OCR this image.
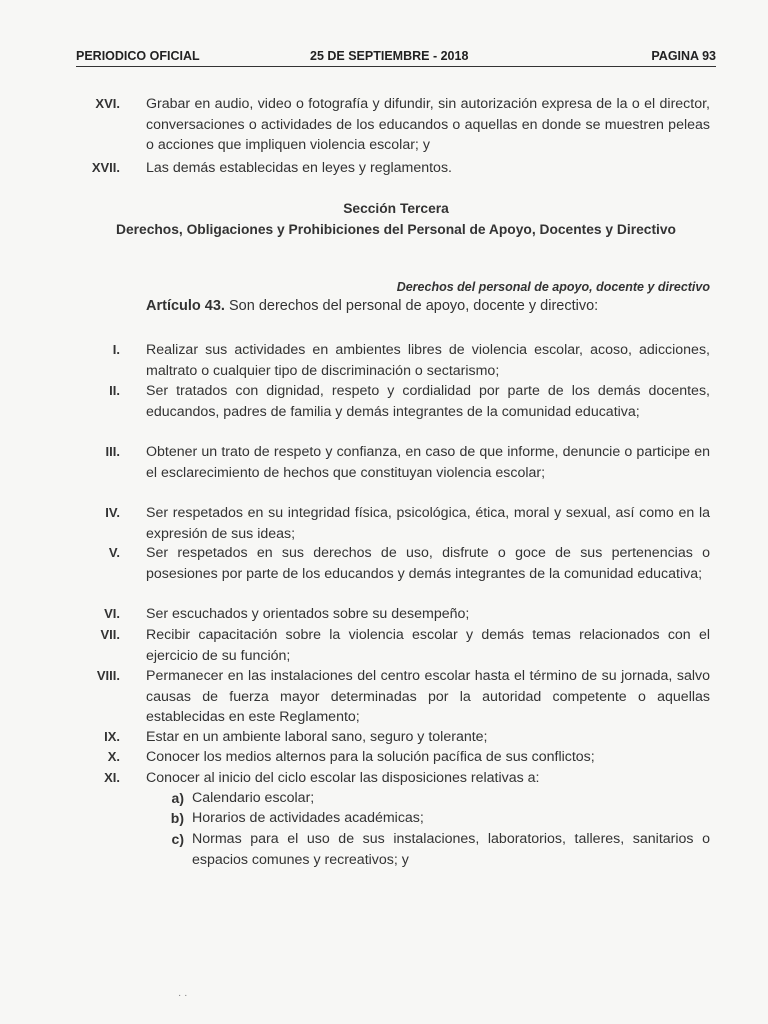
PERIODICO OFICIAL	25 DE SEPTIEMBRE - 2018	PAGINA 93
XVI. Grabar en audio, video o fotografía y difundir, sin autorización expresa de la o el director, conversaciones o actividades de los educandos o aquellas en donde se muestren peleas o acciones que impliquen violencia escolar; y
XVII. Las demás establecidas en leyes y reglamentos.
Sección Tercera
Derechos, Obligaciones y Prohibiciones del Personal de Apoyo, Docentes y Directivo
Derechos del personal de apoyo, docente y directivo
Artículo 43. Son derechos del personal de apoyo, docente y directivo:
I. Realizar sus actividades en ambientes libres de violencia escolar, acoso, adicciones, maltrato o cualquier tipo de discriminación o sectarismo;
II. Ser tratados con dignidad, respeto y cordialidad por parte de los demás docentes, educandos, padres de familia y demás integrantes de la comunidad educativa;
III. Obtener un trato de respeto y confianza, en caso de que informe, denuncie o participe en el esclarecimiento de hechos que constituyan violencia escolar;
IV. Ser respetados en su integridad física, psicológica, ética, moral y sexual, así como en la expresión de sus ideas;
V. Ser respetados en sus derechos de uso, disfrute o goce de sus pertenencias o posesiones por parte de los educandos y demás integrantes de la comunidad educativa;
VI. Ser escuchados y orientados sobre su desempeño;
VII. Recibir capacitación sobre la violencia escolar y demás temas relacionados con el ejercicio de su función;
VIII. Permanecer en las instalaciones del centro escolar hasta el término de su jornada, salvo causas de fuerza mayor determinadas por la autoridad competente o aquellas establecidas en este Reglamento;
IX. Estar en un ambiente laboral sano, seguro y tolerante;
X. Conocer los medios alternos para la solución pacífica de sus conflictos;
XI. Conocer al inicio del ciclo escolar las disposiciones relativas a:
a) Calendario escolar;
b) Horarios de actividades académicas;
c) Normas para el uso de sus instalaciones, laboratorios, talleres, sanitarios o espacios comunes y recreativos; y
· ·
